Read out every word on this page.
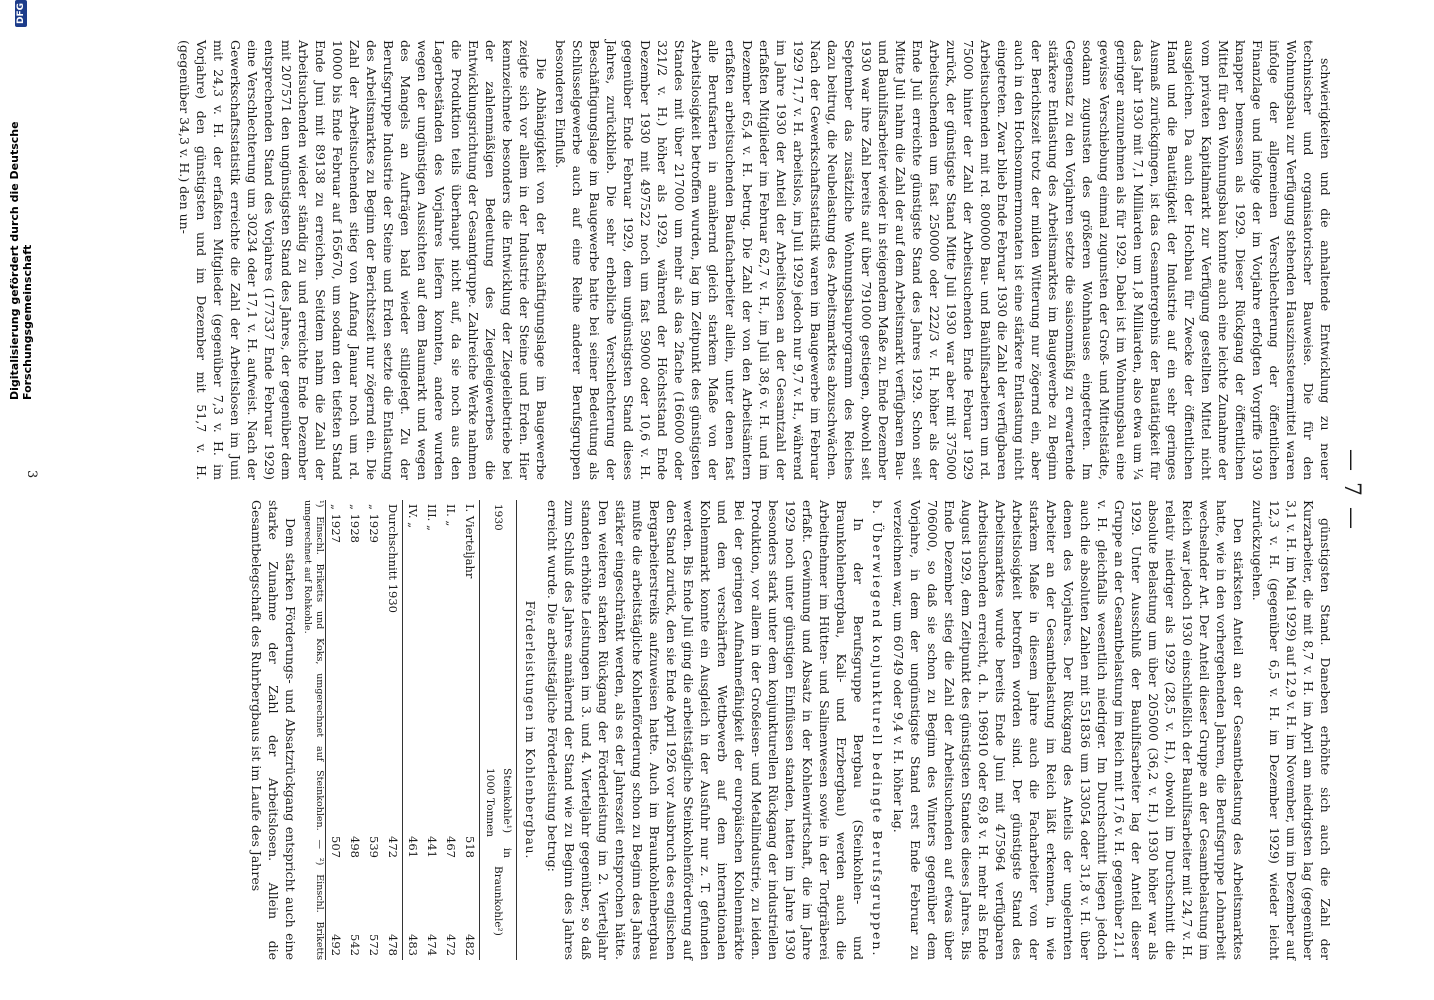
— 7 —

schwierigkeiten und die anhaltende Entwicklung zu neuer technischer und organisatorischer Bauweise. Die für den Wohnungsbau zur Verfügung stehenden Hauszinssteuermittel waren infolge der allgemeinen Verschlechterung der öffentlichen Finanzlage und infolge der im Vorjahre erfolgten Vorgriffe 1930 knapper bemessen als 1929. Dieser Rückgang der öffentlichen Mittel für den Wohnungsbau konnte auch eine leichte Zunahme der vom privaten Kapitalmarkt zur Verfügung gestellten Mittel nicht ausgleichen. Da auch der Hochbau für Zwecke der öffentlichen Hand und die Bautätigkeit der Industrie auf ein sehr geringes Ausmaß zurückgingen, ist das Gesamtergebnis der Bautätigkeit für das Jahr 1930 mit 7,1 Milliarden um 1,8 Milliarden, also etwa um ¼ geringer anzunehmen als für 1929. Dabei ist im Wohnungsbau eine gewisse Verschiebung einmal zugunsten der Groß- und Mittelstädte, sodann zugunsten des größeren Wohnhauses eingetreten. Im Gegensatz zu den Vorjahren setzte die saisonmäßig zu erwartende stärkere Entlastung des Arbeitsmarktes im Baugewerbe zu Beginn der Berichtszeit trotz der milden Witterung nur zögernd ein, aber auch in den Hochsommermonaten ist eine stärkere Entlastung nicht eingetreten. Zwar blieb Ende Februar 1930 die Zahl der verfügbaren Arbeitsuchenden mit rd. 800000 Bau- und Baühilfsarbeitern um rd. 75000 hinter der Zahl der Arbeitsuchenden Ende Februar 1929 zurück, der günstigste Stand Mitte Juli 1930 war aber mit 375000 Arbeitsuchenden um fast 250000 oder 222/3 v. H. höher als der Ende Juli erreichte günstigste Stand des Jahres 1929. Schon seit Mitte Juli nahm die Zahl der auf dem Arbeitsmarkt verfügbaren Bau- und Bauhilfsarbeiter wieder in steigendem Maße zu. Ende Dezember 1930 war ihre Zahl bereits auf über 791000 gestiegen, obwohl seit September das zusätzliche Wohnungsbauprogramm des Reiches dazu beitrug, die Neubelastung des Arbeitsmarktes abzuschwächen. Nach der Gewerkschaftsstatistik waren im Baugewerbe im Februar 1929 71,7 v. H. arbeitslos, im Juli 1929 jedoch nur 9,7 v. H., während im Jahre 1930 der Anteil der Arbeitslosen an der Gesamtzahl der erfaßten Mitglieder im Februar 62,7 v. H., im Juli 38,6 v. H. und im Dezember 65,4 v. H. betrug. Die Zahl der von den Arbeitsämtern erfaßten arbeitsuchenden Baufacharbeiter allein, unter denen fast alle Berufsarten in annähernd gleich starkem Maße von der Arbeitslosigkeit betroffen wurden, lag im Zeitpunkt des günstigsten Standes mit über 217000 um mehr als das 2fache (166000 oder 321/2 v. H.) höher als 1929, während der Höchststand Ende Dezember 1930 mit 497522 noch um fast 59000 oder 10,6 v. H. gegenüber Ende Februar 1929, dem ungünstigsten Stand dieses Jahres, zurückblieb. Die sehr erhebliche Verschlechterung der Beschäftigungslage im Baugewerbe hatte bei seiner Bedeutung als Schlüsselgewerbe auch auf eine Reihe anderer Berufsgruppen besonderen Einfluß.

Die Abhängigkeit von der Beschäftigungslage im Baugewerbe zeigte sich vor allem in der Industrie der Steine und Erden. Hier kennzeichnete besonders die Entwicklung der Ziegeleibetriebe bei der zahlenmäßigen Bedeutung des Ziegeleigewerbes die Entwicklungsrichtung der Gesamtgruppe. Zahlreiche Werke nahmen die Produktion teils überhaupt nicht auf, da sie noch aus den Lagerbeständen des Vorjahres liefern konnten, andere wurden wegen der ungünstigen Aussichten auf dem Baumarkt und wegen des Mangels an Aufträgen bald wieder stillgelegt. Zu der Berufsgruppe Industrie der Steine und Erden setzte die Entlastung des Arbeitsmarktes zu Beginn der Berichtszeit nur zögernd ein. Die Zahl der Arbeitsuchenden stieg von Anfang Januar noch um rd. 10000 bis Ende Februar auf 165670, um sodann den tiefsten Stand Ende Juni mit 89138 zu erreichen. Seitdem nahm die Zahl der Arbeitsuchenden wieder ständig zu und erreichte Ende Dezember mit 207571 den ungünstigsten Stand des Jahres, der gegenüber dem entsprechenden Stand des Vorjahres (177337 Ende Februar 1929) eine Verschlechterung um 30234 oder 17,1 v. H. aufweist. Nach der Gewerkschaftsstatistik erreichte die Zahl der Arbeitslosen im Juni mit 24,3 v. H. der erfaßten Mitglieder (gegenüber 7,3 v. H. im Vorjahre) den günstigsten und im Dezember mit 51,7 v. H. (gegenüber 34,3 v. H.) den un-

günstigsten Stand. Daneben erhöhte sich auch die Zahl der Kurzarbeiter, die mit 8,7 v. H. im April am niedrigsten lag (gegenüber 3,1 v. H. im Mai 1929) auf 12,9 v. H. im November, um im Dezember auf 12,3 v. H. (gegenüber 6,5 v. H. im Dezember 1929) wieder leicht zurückzugehen.

Den stärksten Anteil an der Gesamtbelastung des Arbeitsmarktes hatte, wie in den vorhergehenden Jahren, die Berufsgruppe Lohnarbeit wechselnder Art. Der Anteil dieser Gruppe an der Gesamtbelastung im Reich war jedoch 1930 einschließlich der Bauhilfsarbeiter mit 24,7 v. H. relativ niedriger als 1929 (28,5 v. H.), obwohl im Durchschnitt die absolute Belastung um über 205000 (36,2 v. H.) 1930 höher war als 1929. Unter Ausschluß der Bauhilfsarbeiter lag der Anteil dieser Gruppe an der Gesamtbelastung im Reich mit 17,6 v. H. gegenüber 21,1 v. H. gleichfalls wesentlich niedriger. Im Durchschnitt liegen jedoch auch die absoluten Zahlen mit 551836 um 133054 oder 31,8 v. H. über denen des Vorjahres. Der Rückgang des Anteils der ungelernten Arbeiter an der Gesamtbelastung im Reich läßt erkennen, in wie starkem Maße in diesem Jahre auch die Facharbeiter von der Arbeitslosigkeit betroffen worden sind. Der günstigste Stand des Arbeitsmarktes wurde bereits Ende Juni mit 475964 verfügbaren Arbeitsuchenden erreicht, d. h. 196910 oder 69,8 v. H. mehr als Ende August 1929, dem Zeitpunkt des günstigsten Standes dieses Jahres. Bis Ende Dezember stieg die Zahl der Arbeitsuchenden auf etwas über 706000, so daß sie schon zu Beginn des Winters gegenüber dem Vorjahre, in dem der ungünstigste Stand erst Ende Februar zu verzeichnen war, um 60749 oder 9,4 v. H. höher lag.

b. Überwiegend konjunkturell bedingte Berufsgruppen.

In der Berufsgruppe Bergbau (Steinkohlen- und Braunkohlenbergbau, Kali- und Erzbergbau) werden auch die Arbeitnehmer im Hütten- und Salinenwesen sowie in der Torfgräberei erfaßt. Gewinnung und Absatz in der Kohlenwirtschaft, die im Jahre 1929 noch unter günstigen Einflüssen standen, hatten im Jahre 1930 besonders stark unter dem konjunkturellen Rückgang der industriellen Produktion, vor allem in der Großeisen- und Metallindustrie, zu leiden. Bei der geringen Aufnahmefähigkeit der europäischen Kohlenmärkte und dem verschärften Wettbewerb auf dem internationalen Kohlenmarkt konnte ein Ausgleich in der Ausfuhr nur z. T. gefunden werden. Bis Ende Juli ging die arbeitstägliche Steinkohlenförderung auf den Stand zurück, den sie Ende April 1926 vor Ausbruch des englischen Bergarbeiterstreiks aufzuweisen hatte. Auch im Braunkohlenbergbau mußte die arbeitstägliche Kohlenförderung schon zu Beginn des Jahres stärker eingeschränkt werden, als es der Jahreszeit entsprochen hätte. Den weiteren starken Rückgang der Förderleistung im 2. Vierteljahr standen erhöhte Leistungen im 3. und 4. Vierteljahr gegenüber, so daß zum Schluß des Jahres annähernd der Stand wie zu Beginn des Jahres erreicht wurde. Die arbeitstägliche Förderleistung betrug:

Förderleistungen im Kohlenbergbau.
1930	Steinkohle¹) in 1000 Tonnen	Braunkohle²)
I. Vierteljahr	518	482
II. „	467	472
III. „	441	474
IV. „	461	483
Durchschnitt 1930	472	478
„ 1929	539	572
„ 1928	498	542
„ 1927	507	492

¹) Einschl. Briketts und Koks, umgerechnet auf Steinkohlen. — ²) Einschl. Briketts umgerechnet auf Rohkohle.

Dem starken Förderungs- und Absatzrückgang entspricht auch eine starke Zunahme der Zahl der Arbeitslosen. Allein die Gesamtbelegschaft des Ruhrbergbaus ist im Laufe des Jahres

3
Digitalisierung gefördert durch die Deutsche Forschungsgemeinschaft
DFG
